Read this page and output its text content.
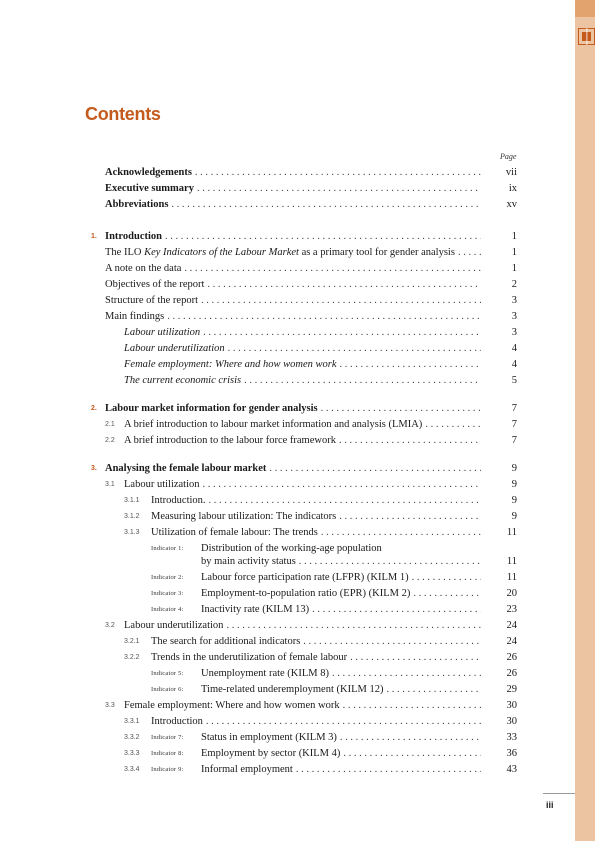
Contents
Page
Acknowledgements . . .	vii
Executive summary . . .	ix
Abbreviations . . .	xv
1. Introduction . . .	1
The ILO Key Indicators of the Labour Market as a primary tool for gender analysis . . .	1
A note on the data . . .	1
Objectives of the report . . .	2
Structure of the report . . .	3
Main findings . . .	3
Labour utilization . . .	3
Labour underutilization . . .	4
Female employment: Where and how women work . . .	4
The current economic crisis . . .	5
2. Labour market information for gender analysis . . .	7
2.1 A brief introduction to labour market information and analysis (LMIA) . . .	7
2.2 A brief introduction to the labour force framework . . .	7
3. Analysing the female labour market . . .	9
3.1 Labour utilization . . .	9
3.1.1 Introduction. . . .	9
3.1.2 Measuring labour utilization: The indicators . . .	9
3.1.3 Utilization of female labour: The trends . . .	11
Indicator 1: Distribution of the working-age population
by main activity status . . .	11
Indicator 2: Labour force participation rate (LFPR) (KILM 1) . . .	11
Indicator 3: Employment-to-population ratio (EPR) (KILM 2) . . .	20
Indicator 4: Inactivity rate (KILM 13) . . .	23
3.2 Labour underutilization . . .	24
3.2.1 The search for additional indicators . . .	24
3.2.2 Trends in the underutilization of female labour . . .	26
Indicator 5: Unemployment rate (KILM 8) . . .	26
Indicator 6: Time-related underemployment (KILM 12) . . .	29
3.3 Female employment: Where and how women work . . .	30
3.3.1 Introduction . . .	30
3.3.2 Indicator 7: Status in employment (KILM 3) . . .	33
3.3.3 Indicator 8: Employment by sector (KILM 4) . . .	36
3.3.4 Indicator 9: Informal employment . . .	43
iii
